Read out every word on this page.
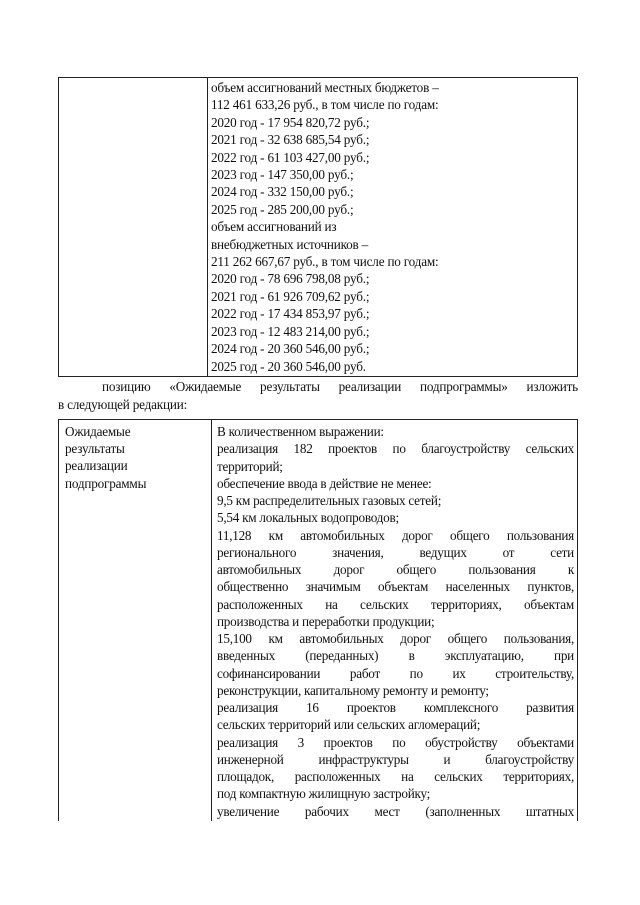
объем ассигнований местных бюджетов –
112 461 633,26 руб., в том числе по годам:
2020 год - 17 954 820,72 руб.;
2021 год - 32 638 685,54 руб.;
2022 год - 61 103 427,00 руб.;
2023 год - 147 350,00 руб.;
2024 год - 332 150,00 руб.;
2025 год - 285 200,00 руб.;
объем ассигнований из
внебюджетных источников –
211 262 667,67 руб., в том числе по годам:
2020 год - 78 696 798,08 руб.;
2021 год - 61 926 709,62 руб.;
2022 год - 17 434 853,97 руб.;
2023 год - 12 483 214,00 руб.;
2024 год - 20 360 546,00 руб.;
2025 год - 20 360 546,00 руб.
позицию «Ожидаемые результаты реализации подпрограммы» изложить
в следующей редакции:
Ожидаемые
результаты
реализации
подпрограммы
В количественном выражении:
реализация 182 проектов по благоустройству сельских
территорий;
обеспечение ввода в действие не менее:
9,5 км распределительных газовых сетей;
5,54 км локальных водопроводов;
11,128 км автомобильных дорог общего пользования
регионального значения, ведущих от сети
автомобильных дорог общего пользования к
общественно значимым объектам населенных пунктов,
расположенных на сельских территориях, объектам
производства и переработки продукции;
15,100 км автомобильных дорог общего пользования,
введенных (переданных) в эксплуатацию, при
софинансировании работ по их строительству,
реконструкции, капитальному ремонту и ремонту;
реализация 16 проектов комплексного развития
сельских территорий или сельских агломераций;
реализация 3 проектов по обустройству объектами
инженерной инфраструктуры и благоустройству
площадок, расположенных на сельских территориях,
под компактную жилищную застройку;
увеличение рабочих мест (заполненных штатных
